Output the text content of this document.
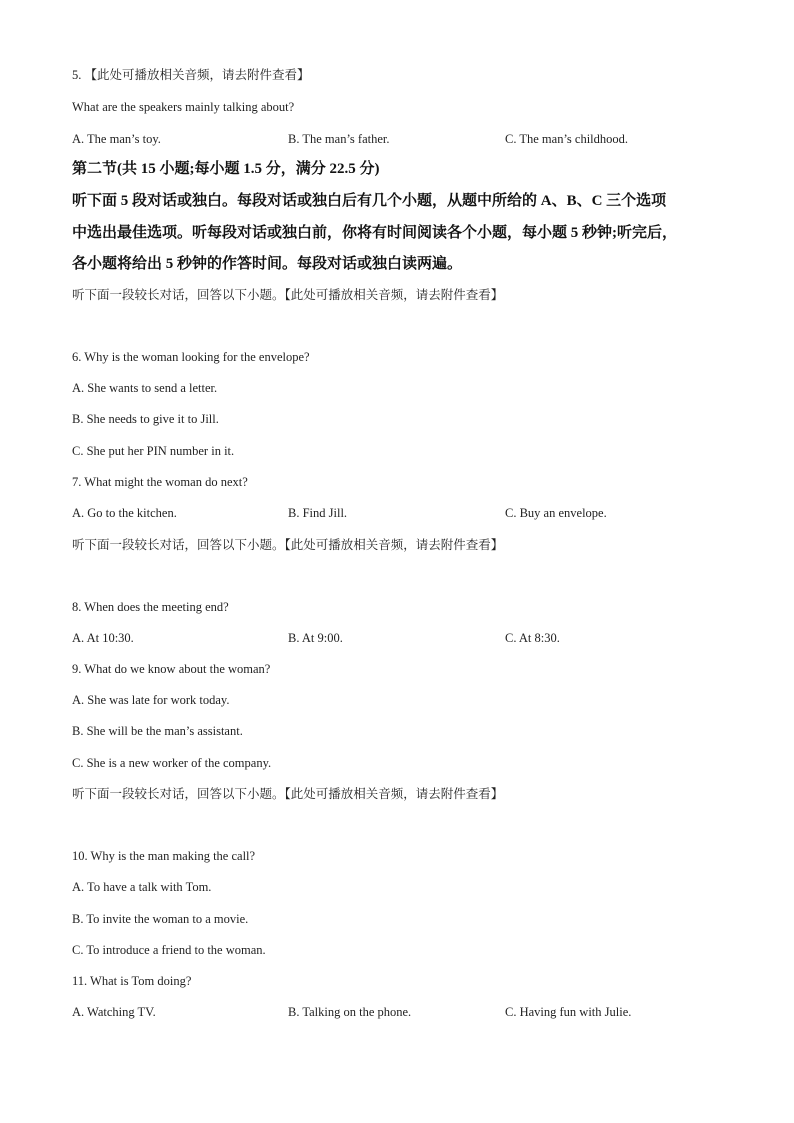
5. 【此处可播放相关音频，请去附件查看】
What are the speakers mainly talking about?
A. The man’s toy.	B. The man’s father.	C. The man’s childhood.
第二节(共 15 小题;每小题 1.5 分，满分 22.5 分)
听下面 5 段对话或独白。每段对话或独白后有几个小题，从题中所给的 A、B、C 三个选项
中选出最佳选项。听每段对话或独白前，你将有时间阅读各个小题，每小题 5 秒钟;听完后，
各小题将给出 5 秒钟的作答时间。每段对话或独白读两遍。
听下面一段较长对话，回答以下小题。【此处可播放相关音频，请去附件查看】
6. Why is the woman looking for the envelope?
A. She wants to send a letter.
B. She needs to give it to Jill.
C. She put her PIN number in it.
7. What might the woman do next?
A. Go to the kitchen.	B. Find Jill.	C. Buy an envelope.
听下面一段较长对话，回答以下小题。【此处可播放相关音频，请去附件查看】
8. When does the meeting end?
A. At 10:30.	B. At 9:00.	C. At 8:30.
9. What do we know about the woman?
A. She was late for work today.
B. She will be the man’s assistant.
C. She is a new worker of the company.
听下面一段较长对话，回答以下小题。【此处可播放相关音频，请去附件查看】
10. Why is the man making the call?
A. To have a talk with Tom.
B. To invite the woman to a movie.
C. To introduce a friend to the woman.
11. What is Tom doing?
A. Watching TV.	B. Talking on the phone.	C. Having fun with Julie.
